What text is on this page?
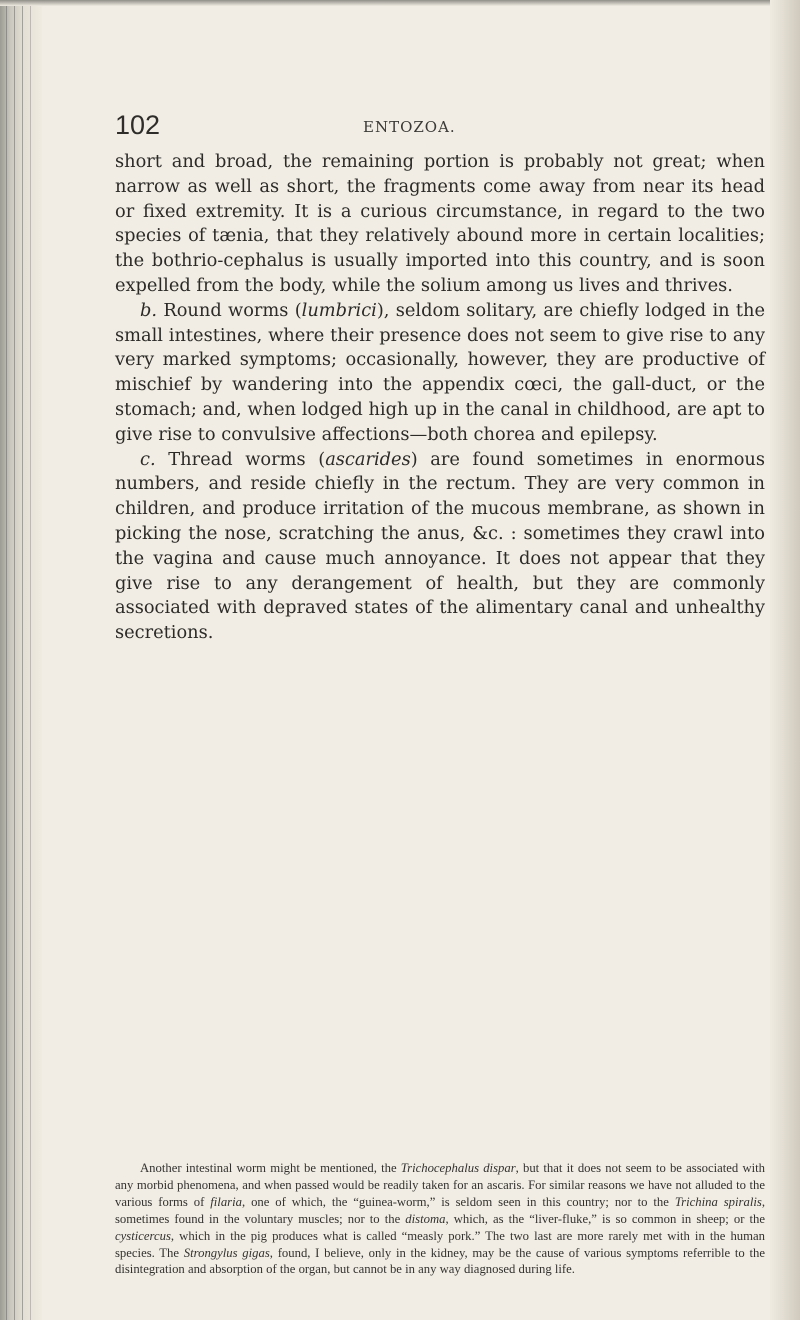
102	ENTOZOA.

short and broad, the remaining portion is probably not great; when narrow as well as short, the fragments come away from near its head or fixed extremity. It is a curious circumstance, in regard to the two species of tænia, that they relatively abound more in certain localities; the bothrio-cephalus is usually imported into this country, and is soon expelled from the body, while the solium among us lives and thrives.

b. Round worms (lumbrici), seldom solitary, are chiefly lodged in the small intestines, where their presence does not seem to give rise to any very marked symptoms; occasionally, however, they are productive of mischief by wandering into the appendix cœci, the gall-duct, or the stomach; and, when lodged high up in the canal in childhood, are apt to give rise to convulsive affections—both chorea and epilepsy.

c. Thread worms (ascarides) are found sometimes in enormous numbers, and reside chiefly in the rectum. They are very common in children, and produce irritation of the mucous membrane, as shown in picking the nose, scratching the anus, &c. : sometimes they crawl into the vagina and cause much annoyance. It does not appear that they give rise to any derangement of health, but they are commonly associated with depraved states of the alimentary canal and unhealthy secretions.

Another intestinal worm might be mentioned, the Trichocephalus dispar, but that it does not seem to be associated with any morbid phenomena, and when passed would be readily taken for an ascaris. For similar reasons we have not alluded to the various forms of filaria, one of which, the “guinea-worm,” is seldom seen in this country; nor to the Trichina spiralis, sometimes found in the voluntary muscles; nor to the distoma, which, as the “liver-fluke,” is so common in sheep; or the cysticercus, which in the pig produces what is called “measly pork.” The two last are more rarely met with in the human species. The Strongylus gigas, found, I believe, only in the kidney, may be the cause of various symptoms referrible to the disintegration and absorption of the organ, but cannot be in any way diagnosed during life.
